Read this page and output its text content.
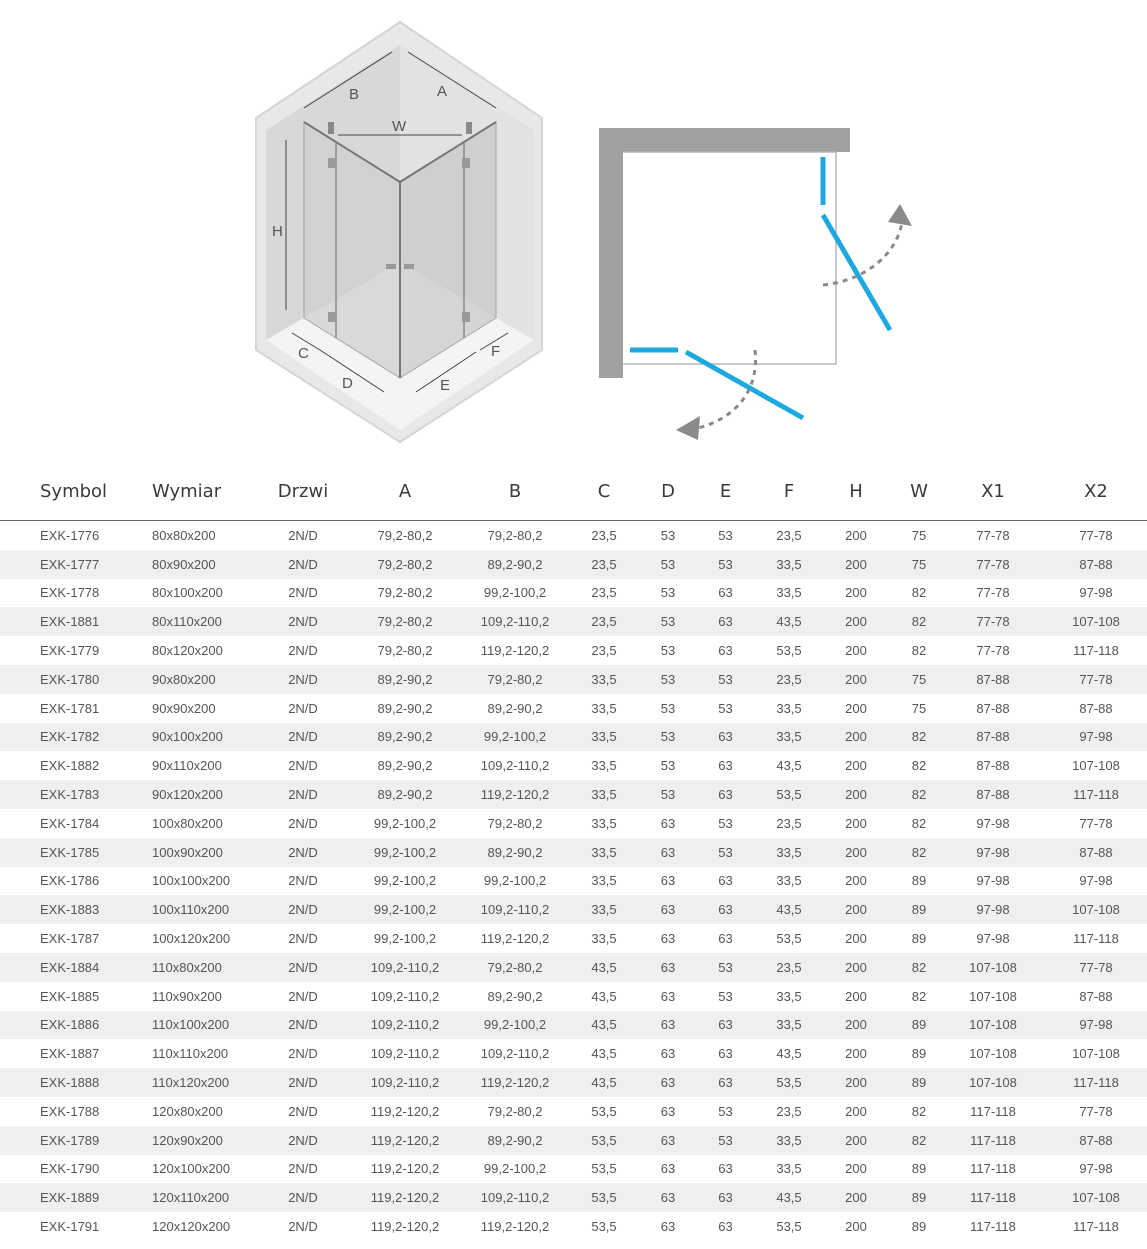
B	A
W
H
C
D	E
F
Symbol	Wymiar	Drzwi	A	B	C	D	E	F	H	W	X1	X2
EXK-1776	80x80x200	2N/D	79,2-80,2	79,2-80,2	23,5	53	53	23,5	200	75	77-78	77-78
EXK-1777	80x90x200	2N/D	79,2-80,2	89,2-90,2	23,5	53	53	33,5	200	75	77-78	87-88
EXK-1778	80x100x200	2N/D	79,2-80,2	99,2-100,2	23,5	53	63	33,5	200	82	77-78	97-98
EXK-1881	80x110x200	2N/D	79,2-80,2	109,2-110,2	23,5	53	63	43,5	200	82	77-78	107-108
EXK-1779	80x120x200	2N/D	79,2-80,2	119,2-120,2	23,5	53	63	53,5	200	82	77-78	117-118
EXK-1780	90x80x200	2N/D	89,2-90,2	79,2-80,2	33,5	53	53	23,5	200	75	87-88	77-78
EXK-1781	90x90x200	2N/D	89,2-90,2	89,2-90,2	33,5	53	53	33,5	200	75	87-88	87-88
EXK-1782	90x100x200	2N/D	89,2-90,2	99,2-100,2	33,5	53	63	33,5	200	82	87-88	97-98
EXK-1882	90x110x200	2N/D	89,2-90,2	109,2-110,2	33,5	53	63	43,5	200	82	87-88	107-108
EXK-1783	90x120x200	2N/D	89,2-90,2	119,2-120,2	33,5	53	63	53,5	200	82	87-88	117-118
EXK-1784	100x80x200	2N/D	99,2-100,2	79,2-80,2	33,5	63	53	23,5	200	82	97-98	77-78
EXK-1785	100x90x200	2N/D	99,2-100,2	89,2-90,2	33,5	63	53	33,5	200	82	97-98	87-88
EXK-1786	100x100x200	2N/D	99,2-100,2	99,2-100,2	33,5	63	63	33,5	200	89	97-98	97-98
EXK-1883	100x110x200	2N/D	99,2-100,2	109,2-110,2	33,5	63	63	43,5	200	89	97-98	107-108
EXK-1787	100x120x200	2N/D	99,2-100,2	119,2-120,2	33,5	63	63	53,5	200	89	97-98	117-118
EXK-1884	110x80x200	2N/D	109,2-110,2	79,2-80,2	43,5	63	53	23,5	200	82	107-108	77-78
EXK-1885	110x90x200	2N/D	109,2-110,2	89,2-90,2	43,5	63	53	33,5	200	82	107-108	87-88
EXK-1886	110x100x200	2N/D	109,2-110,2	99,2-100,2	43,5	63	63	33,5	200	89	107-108	97-98
EXK-1887	110x110x200	2N/D	109,2-110,2	109,2-110,2	43,5	63	63	43,5	200	89	107-108	107-108
EXK-1888	110x120x200	2N/D	109,2-110,2	119,2-120,2	43,5	63	63	53,5	200	89	107-108	117-118
EXK-1788	120x80x200	2N/D	119,2-120,2	79,2-80,2	53,5	63	53	23,5	200	82	117-118	77-78
EXK-1789	120x90x200	2N/D	119,2-120,2	89,2-90,2	53,5	63	53	33,5	200	82	117-118	87-88
EXK-1790	120x100x200	2N/D	119,2-120,2	99,2-100,2	53,5	63	63	33,5	200	89	117-118	97-98
EXK-1889	120x110x200	2N/D	119,2-120,2	109,2-110,2	53,5	63	63	43,5	200	89	117-118	107-108
EXK-1791	120x120x200	2N/D	119,2-120,2	119,2-120,2	53,5	63	63	53,5	200	89	117-118	117-118
